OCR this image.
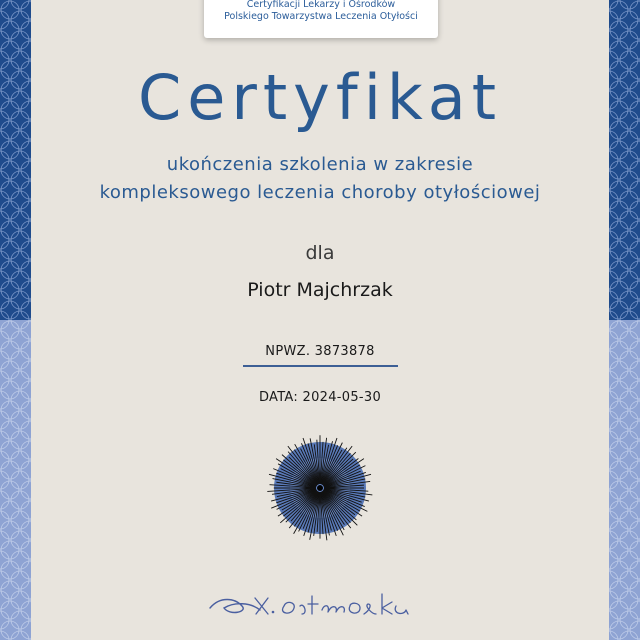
Certyfikacji Lekarzy i Ośrodków
Polskiego Towarzystwa Leczenia Otyłości
Certyfikat
ukończenia szkolenia w zakresie
kompleksowego leczenia choroby otyłościowej
dla
Piotr Majchrzak
NPWZ. 3873878
DATA: 2024-05-30
